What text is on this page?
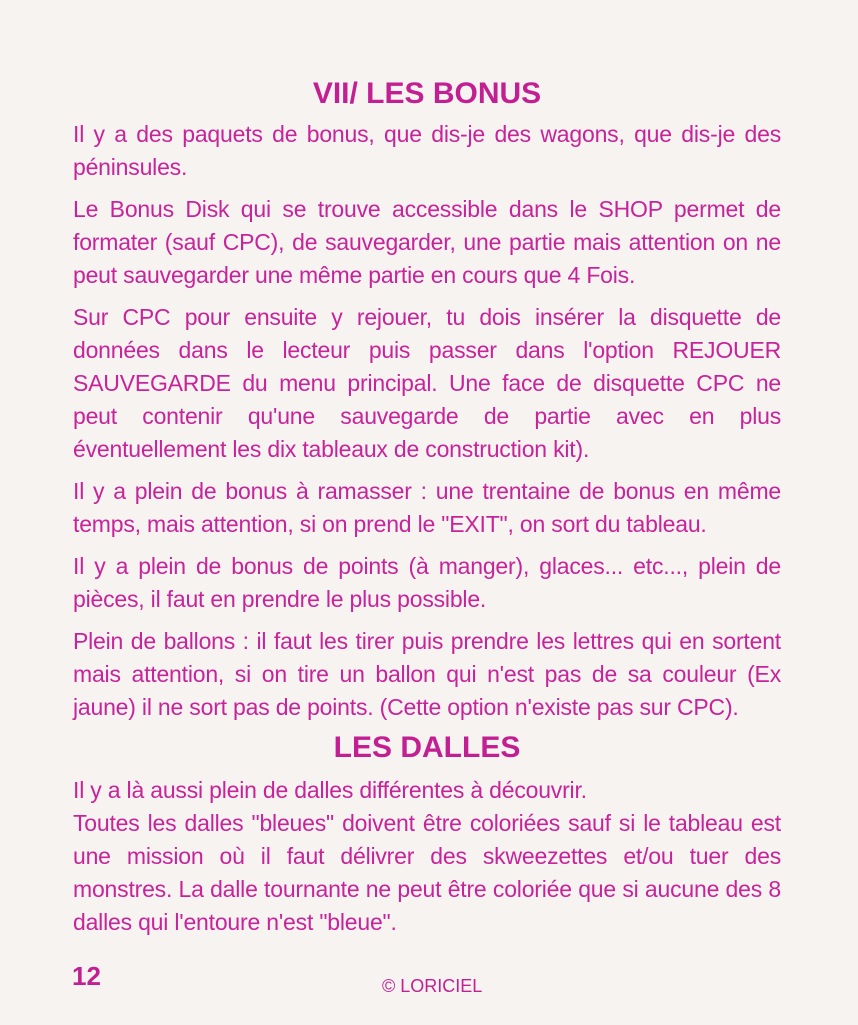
VII/ LES BONUS

Il y a des paquets de bonus, que dis-je des wagons, que dis-je des péninsules.

Le Bonus Disk qui se trouve accessible dans le SHOP permet de formater (sauf CPC), de sauvegarder, une partie mais attention on ne peut sauvegarder une même partie en cours que 4 Fois.

Sur CPC pour ensuite y rejouer, tu dois insérer la disquette de données dans le lecteur puis passer dans l'option REJOUER SAUVEGARDE du menu principal. Une face de disquette CPC ne peut contenir qu'une sauvegarde de partie avec en plus éventuellement les dix tableaux de construction kit).

Il y a plein de bonus à ramasser : une trentaine de bonus en même temps, mais attention, si on prend le "EXIT", on sort du tableau.

Il y a plein de bonus de points (à manger), glaces... etc..., plein de pièces, il faut en prendre le plus possible.

Plein de ballons : il faut les tirer puis prendre les lettres qui en sortent mais attention, si on tire un ballon qui n'est pas de sa couleur (Ex jaune) il ne sort pas de points. (Cette option n'existe pas sur CPC).

LES DALLES

Il y a là aussi plein de dalles différentes à découvrir.

Toutes les dalles "bleues" doivent être coloriées sauf si le tableau est une mission où il faut délivrer des skweezettes et/ou tuer des monstres. La dalle tournante ne peut être coloriée que si aucune des 8 dalles qui l'entoure n'est "bleue".

12	© LORICIEL
